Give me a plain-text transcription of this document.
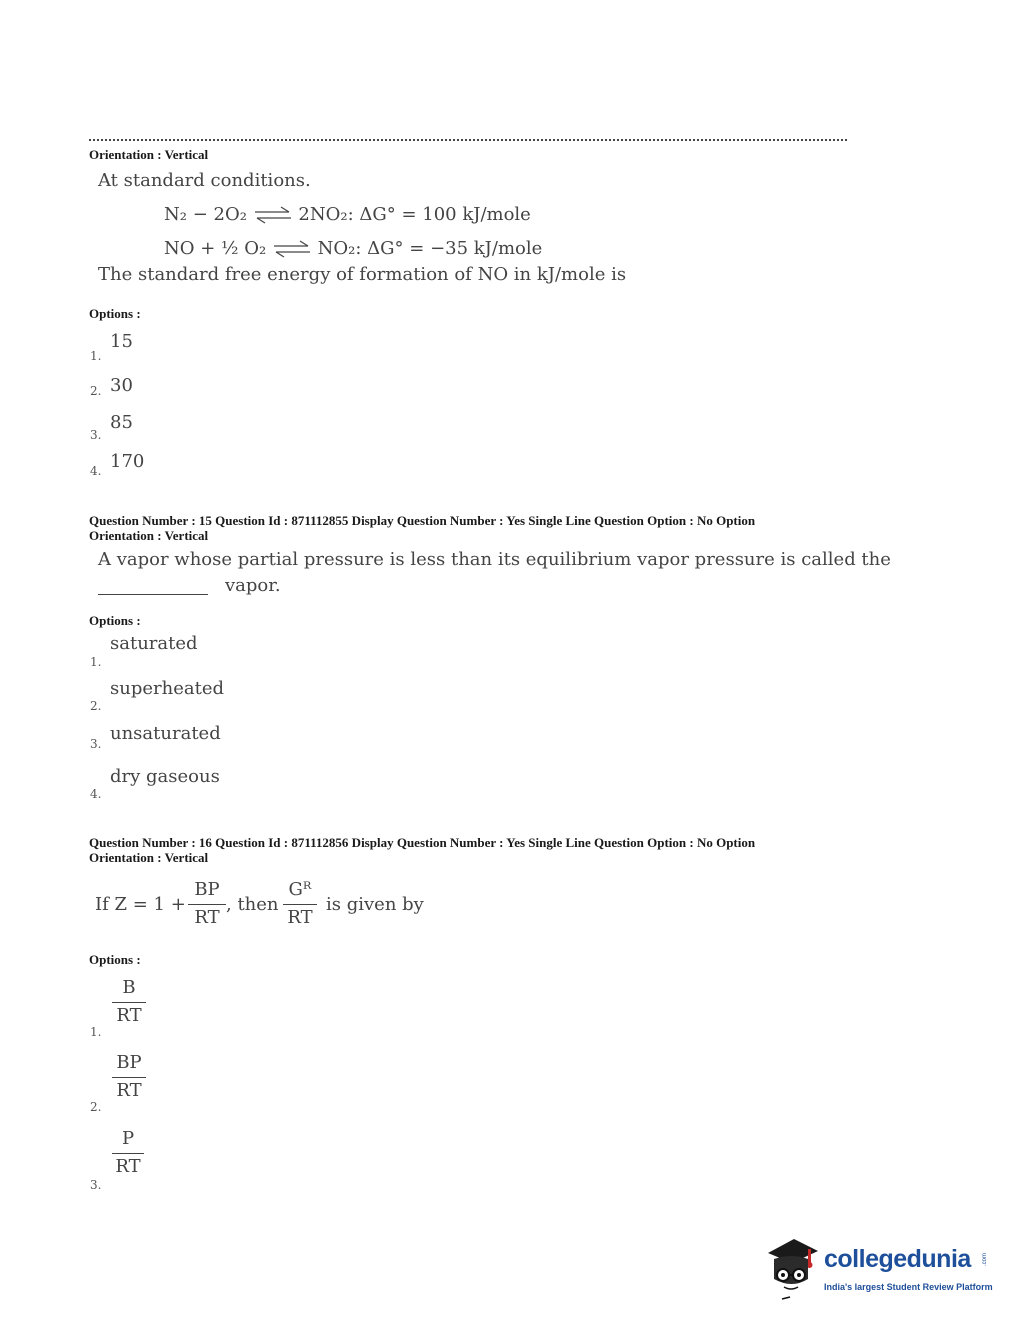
Orientation : Vertical
At standard conditions.
N₂ − 2O₂ ⇌ 2NO₂: ΔG° = 100 kJ/mole
NO + ½ O₂ ⇌ NO₂: ΔG° = −35 kJ/mole
The standard free energy of formation of NO in kJ/mole is
Options :
15
1.
30
2.
85
3.
170
4.
Question Number : 15 Question Id : 871112855 Display Question Number : Yes Single Line Question Option : No Option
Orientation : Vertical
A vapor whose partial pressure is less than its equilibrium vapor pressure is called the
vapor.
Options :
saturated
1.
superheated
2.
unsaturated
3.
dry gaseous
4.
Question Number : 16 Question Id : 871112856 Display Question Number : Yes Single Line Question Option : No Option
Orientation : Vertical
If Z = 1 +
BP
RT
, then
Gᴿ
RT
is given by
Options :
B
RT
1.
BP
RT
2.
P
RT
3.
collegedunia .com
India's largest Student Review Platform
